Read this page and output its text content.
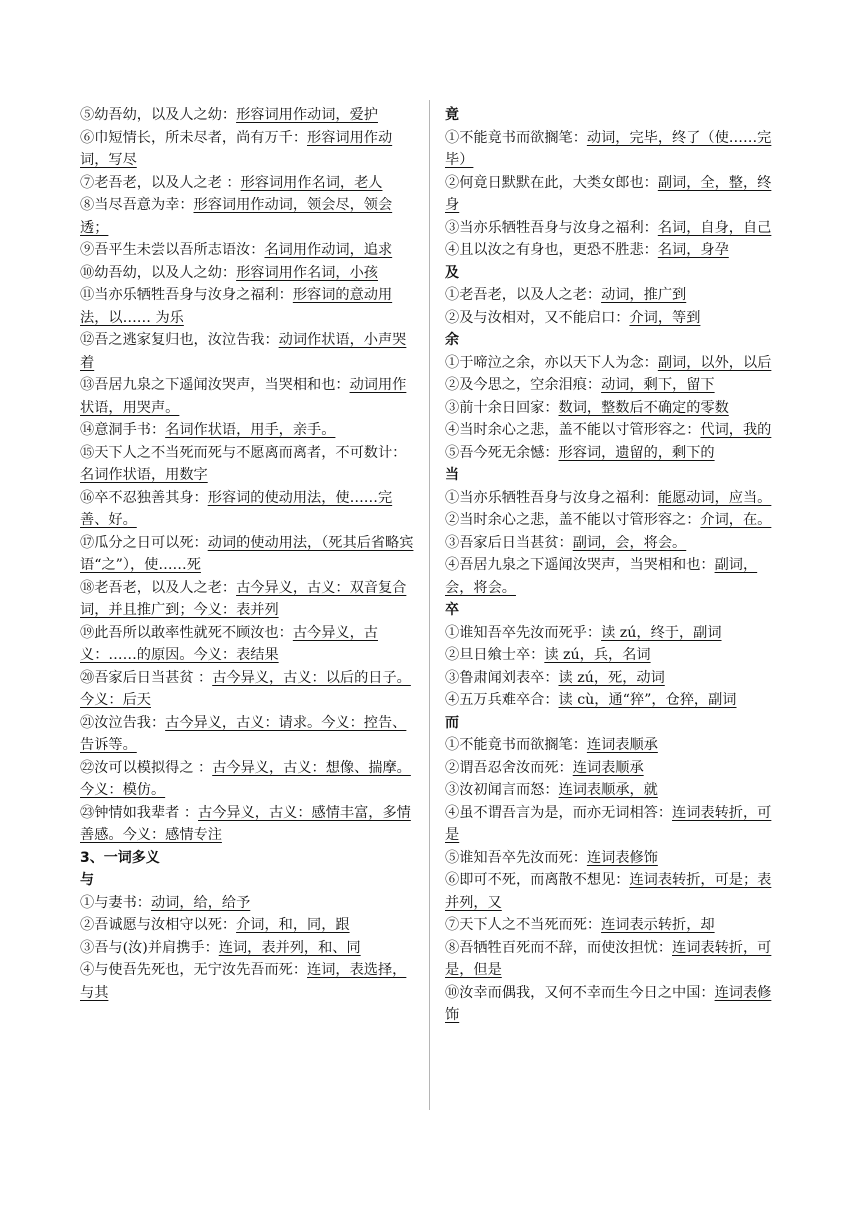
⑤幼吾幼，以及人之幼：形容词用作动词，爱护

⑥巾短情长，所未尽者，尚有万千：形容词用作动词，写尽

⑦老吾老，以及人之老 ：形容词用作名词，老人

⑧当尽吾意为幸：形容词用作动词，领会尽，领会透；

⑨吾平生未尝以吾所志语汝：名词用作动词，追求

⑩幼吾幼，以及人之幼：形容词用作名词，小孩

⑪当亦乐牺牲吾身与汝身之福利：形容词的意动用法，以…… 为乐

⑫吾之逃家复归也，汝泣告我：动词作状语，小声哭着

⑬吾居九泉之下遥闻汝哭声，当哭相和也：动词用作状语，用哭声。

⑭意洞手书：名词作状语，用手，亲手。

⑮天下人之不当死而死与不愿离而离者，不可数计：名词作状语，用数字

⑯卒不忍独善其身：形容词的使动用法，使……完善、好。

⑰瓜分之日可以死：动词的使动用法，（死其后省略宾语“之”），使……死

⑱老吾老，以及人之老：古今异义，古义：双音复合词，并且推广到；今义：表并列

⑲此吾所以敢率性就死不顾汝也：古今异义，古义：……的原因。今义：表结果

⑳吾家后日当甚贫 ：古今异义，古义：以后的日子。今义：后天

㉑汝泣告我：古今异义，古义：请求。今义：控告、告诉等。

㉒汝可以模拟得之 ：古今异义，古义：想像、揣摩。今义：模仿。

㉓钟情如我辈者 ：古今异义，古义：感情丰富，多情善感。今义：感情专注

3、一词多义

与

①与妻书：动词，给，给予

②吾诚愿与汝相守以死：介词，和，同，跟

③吾与(汝)并肩携手：连词，表并列，和、同

④与使吾先死也，无宁汝先吾而死：连词，表选择，与其

竟

①不能竟书而欲搁笔：动词，完毕，终了（使……完毕）

②何竟日默默在此，大类女郎也：副词，全，整，终身

③当亦乐牺牲吾身与汝身之福利：名词，自身，自己

④且以汝之有身也，更恐不胜悲：名词，身孕

及

①老吾老，以及人之老：动词，推广到

②及与汝相对，又不能启口：介词，等到

余

①于啼泣之余，亦以天下人为念：副词，以外，以后

②及今思之，空余泪痕：动词，剩下，留下

③前十余日回家：数词，整数后不确定的零数

④当时余心之悲，盖不能以寸管形容之：代词，我的

⑤吾今死无余憾：形容词，遗留的，剩下的

当

①当亦乐牺牲吾身与汝身之福利：能愿动词，应当。

②当时余心之悲，盖不能以寸管形容之：介词，在。

③吾家后日当甚贫：副词，会，将会。

④吾居九泉之下遥闻汝哭声，当哭相和也：副词，会，将会。

卒

①谁知吾卒先汝而死乎：读 zú，终于，副词

②旦日飨士卒：读 zú，兵，名词

③鲁肃闻刘表卒：读 zú，死，动词

④五万兵难卒合：读 cù，通“猝”，仓猝，副词

而

①不能竟书而欲搁笔：连词表顺承

②谓吾忍舍汝而死：连词表顺承

③汝初闻言而怒：连词表顺承，就

④虽不谓吾言为是，而亦无词相答：连词表转折，可是

⑤谁知吾卒先汝而死：连词表修饰

⑥即可不死，而离散不想见：连词表转折，可是；表并列，又

⑦天下人之不当死而死：连词表示转折，却

⑧吾牺牲百死而不辞，而使汝担忧：连词表转折，可是，但是

⑩汝幸而偶我，又何不幸而生今日之中国：连词表修饰
